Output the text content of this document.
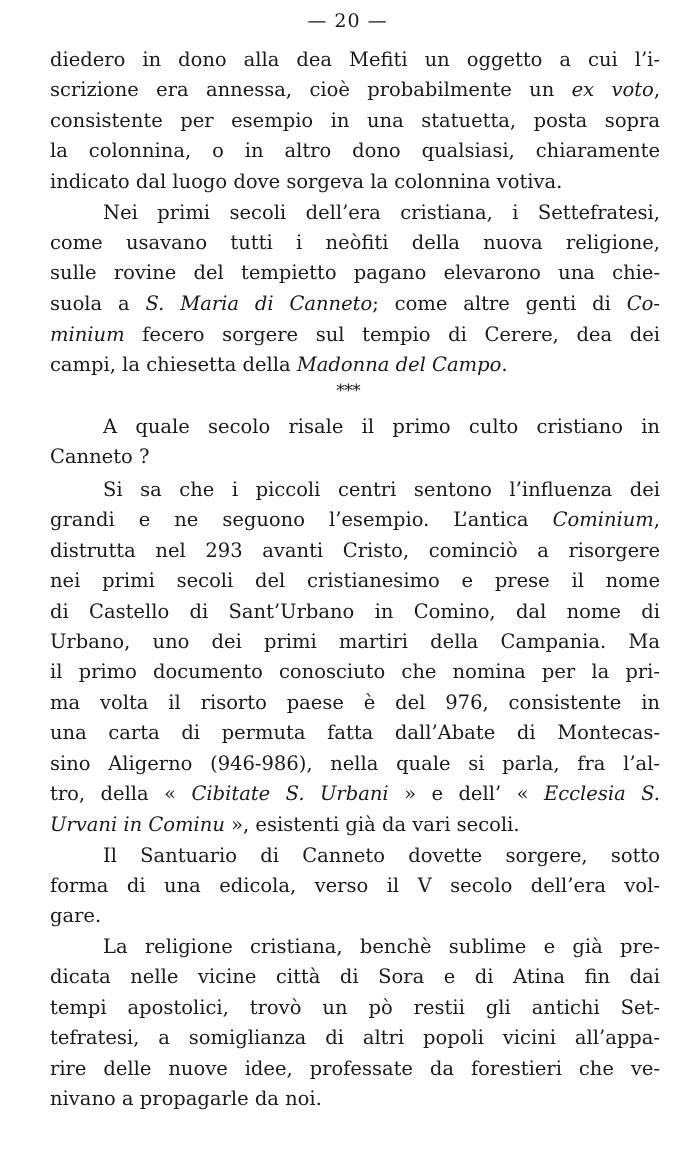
— 20 —
diedero in dono alla dea Mefiti un oggetto a cui l’i-
scrizione era annessa, cioè probabilmente un ex voto,
consistente per esempio in una statuetta, posta sopra
la colonnina, o in altro dono qualsiasi, chiaramente
indicato dal luogo dove sorgeva la colonnina votiva.
Nei primi secoli dell’era cristiana, i Settefratesi,
come usavano tutti i neòfiti della nuova religione,
sulle rovine del tempietto pagano elevarono una chie-
suola a S. Maria di Canneto; come altre genti di Co-
minium fecero sorgere sul tempio di Cerere, dea dei
campi, la chiesetta della Madonna del Campo.
A quale secolo risale il primo culto cristiano in
Canneto ?
Si sa che i piccoli centri sentono l’influenza dei
grandi e ne seguono l’esempio. L’antica Cominium,
distrutta nel 293 avanti Cristo, cominciò a risorgere
nei primi secoli del cristianesimo e prese il nome
di Castello di Sant’Urbano in Comino, dal nome di
Urbano, uno dei primi martiri della Campania. Ma
il primo documento conosciuto che nomina per la pri-
ma volta il risorto paese è del 976, consistente in
una carta di permuta fatta dall’Abate di Montecas-
sino Aligerno (946-986), nella quale si parla, fra l’al-
tro, della « Cibitate S. Urbani » e dell’ « Ecclesia S.
Urvani in Cominu », esistenti già da vari secoli.
Il Santuario di Canneto dovette sorgere, sotto
forma di una edicola, verso il V secolo dell’era vol-
gare.
La religione cristiana, benchè sublime e già pre-
dicata nelle vicine città di Sora e di Atina fin dai
tempi apostolici, trovò un pò restii gli antichi Set-
tefratesi, a somiglianza di altri popoli vicini all’appa-
rire delle nuove idee, professate da forestieri che ve-
nivano a propagarle da noi.
* * *
